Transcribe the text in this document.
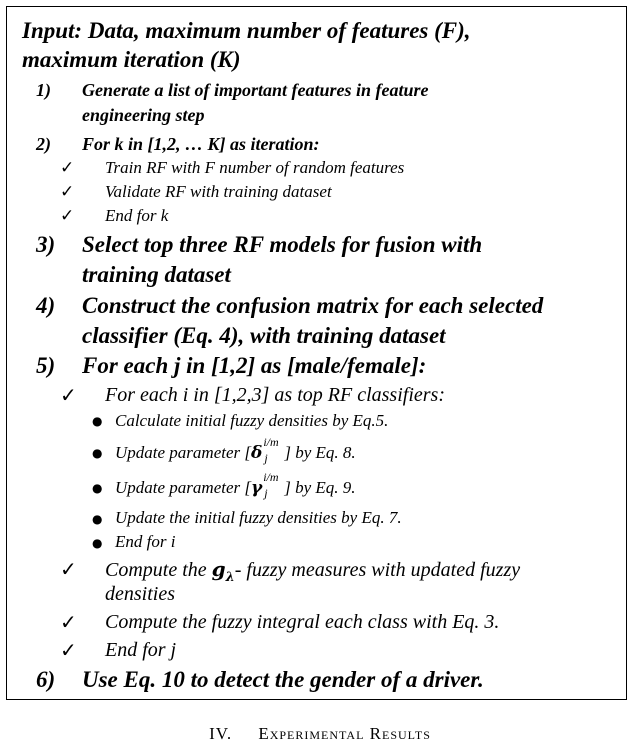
Input: Data, maximum number of features (F),
maximum iteration (K)
1) Generate a list of important features in feature
engineering step
2) For k in [1,2, … K] as iteration:
✓ Train RF with F number of random features
✓ Validate RF with training dataset
✓ End for k
3) Select top three RF models for fusion with
training dataset
4) Construct the confusion matrix for each selected
classifier (Eq. 4), with training dataset
5) For each j in [1,2] as [male/female]:
✓ For each i in [1,2,3] as top RF classifiers:
● Calculate initial fuzzy densities by Eq.5.
● Update parameter [δ
i/m
j ] by Eq. 8.
● Update parameter [γ
i/m
j ] by Eq. 9.
● Update the initial fuzzy densities by Eq. 7.
● End for i
✓ Compute the $g_\lambda-$ fuzzy measures with updated fuzzy
densities
✓ Compute the fuzzy integral each class with Eq. 3.
✓ End for j
6) Use Eq. 10 to detect the gender of a driver.
IV. Experimental Results
